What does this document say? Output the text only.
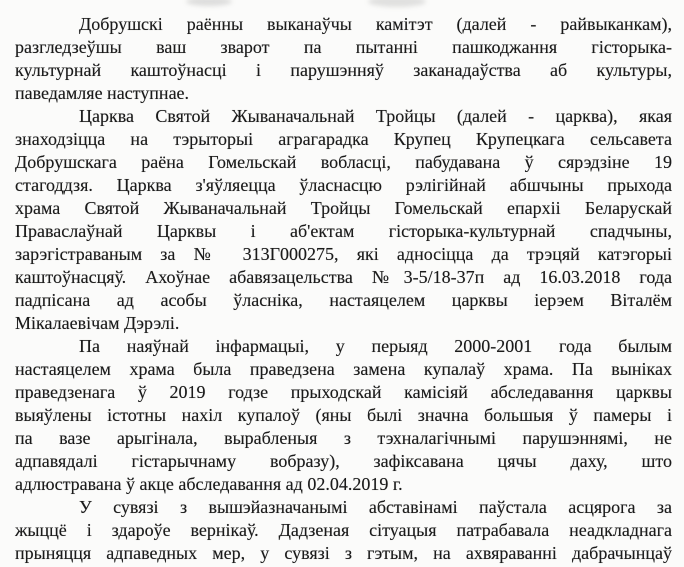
Добрушскі раённы выканаўчы камітэт (далей - райвыканкам),
разгледзеўшы ваш зварот па пытанні пашкоджання гісторыка-
культурнай каштоўнасці і парушэнняў заканадаўства аб культуры,
паведамляе наступнае.
Царква Святой Жываначальнай Тройцы (далей - царква), якая
знаходзіцца на тэрыторыі аграгарадка Крупец Крупецкага сельсавета
Добрушскага раёна Гомельскай вобласці, пабудавана ў сярэдзіне 19
стагоддзя. Царква з'яўляецца ўласнасцю рэлігійнай абшчыны прыхода
храма Святой Жываначальнай Тройцы Гомельскай епархіі Беларускай
Праваслаўнай Царквы і аб'ектам гісторыка-культурнай спадчыны,
зарэгістраваным за № 313Г000275, які адносіцца да трэцяй катэгорыі
каштоўнасцяў. Ахоўнае абавязацельства №3-5/18-37п ад 16.03.2018 года
падпісана ад асобы ўласніка, настаяцелем царквы іерэем Віталём
Мікалаевічам Дэрэлі.
Па наяўнай інфармацыі, у перыяд 2000-2001 года былым
настаяцелем храма была праведзена замена купалаў храма. Па выніках
праведзенага ў 2019 годзе прыходскай камісіяй абследавання царквы
выяўлены істотны нахіл купалоў (яны былі значна большыя ў памеры і
па вазе арыгінала, вырабленыя з тэхналагічнымі парушэннямі, не
адпавядалі гістарычнаму вобразу), зафіксавана цячы даху, што
адлюстравана ў акце абследавання ад 02.04.2019 г.
У сувязі з вышэйазначанымі абставінамі паўстала асцярога за
жыццё і здароўе вернікаў. Дадзеная сітуацыя патрабавала неадкладнага
прыняцця адпаведных мер, у сувязі з гэтым, на ахвяраванні дабрачынцаў
